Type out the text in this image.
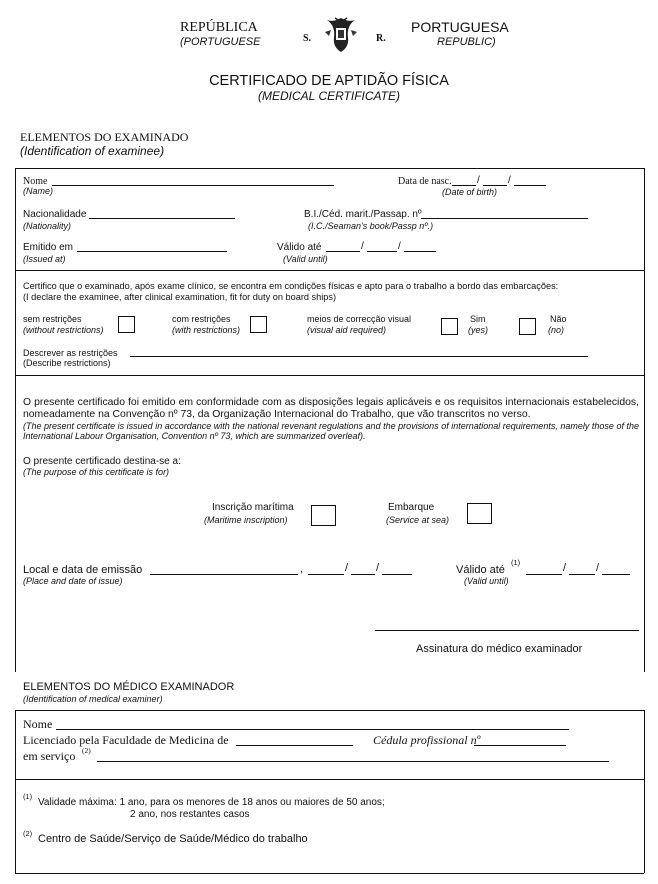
REPÚBLICA
(PORTUGUESE	S.	R.
PORTUGUESA
REPUBLIC)
CERTIFICADO DE APTIDÃO FÍSICA
(MEDICAL CERTIFICATE)
ELEMENTOS DO EXAMINADO
(Identification of examinee)
Nome
(Name)
Data de nasc.	/	/
(Date of birth)
Nacionalidade
(Nationality)
B.I./Céd. marit./Passap. nº
(I.C./Seaman's book/Passp nº.)
Emitido em
(Issued at)
Válido até	/	/
(Valid until)
Certifico que o examinado, após exame clínico, se encontra em condições físicas e apto para o trabalho a bordo das embarcações:
(I declare the examinee, after clinical examination, fit for duty on board ships)
sem restrições
(without restrictions)
com restrições
(with restrictions)
meios de correcção visual
(visual aid required)
Sim
(yes)
Não
(no)
Descrever as restrições
(Describe restrictions)
O presente certificado foi emitido em conformidade com as disposições legais aplicáveis e os requisitos internacionais estabelecidos, nomeadamente na Convenção nº 73, da Organização Internacional do Trabalho, que vão transcritos no verso.
(The present certificate is issued in accordance with the national revenant regulations and the provisions of international requirements, namely those of the International Labour Organisation, Convention nº 73, which are summarized overleaf).
O presente certificado destina-se a:
(The purpose of this certificate is for)
Inscrição marítima
(Maritime inscription)
Embarque
(Service at sea)
Local e data de emissão	,	/	/
(Place and date of issue)
Válido até
(1)	/	/
(Valid until)
Assinatura do médico examinador
ELEMENTOS DO MÉDICO EXAMINADOR
(Identification of medical examiner)
Nome
Licenciado pela Faculdade de Medicina de	Cédula profissional nº
em serviço (2)
(1)
Validade máxima: 1 ano, para os menores de 18 anos ou maiores de 50 anos;
2 ano, nos restantes casos
(2) Centro de Saúde/Serviço de Saúde/Médico do trabalho
